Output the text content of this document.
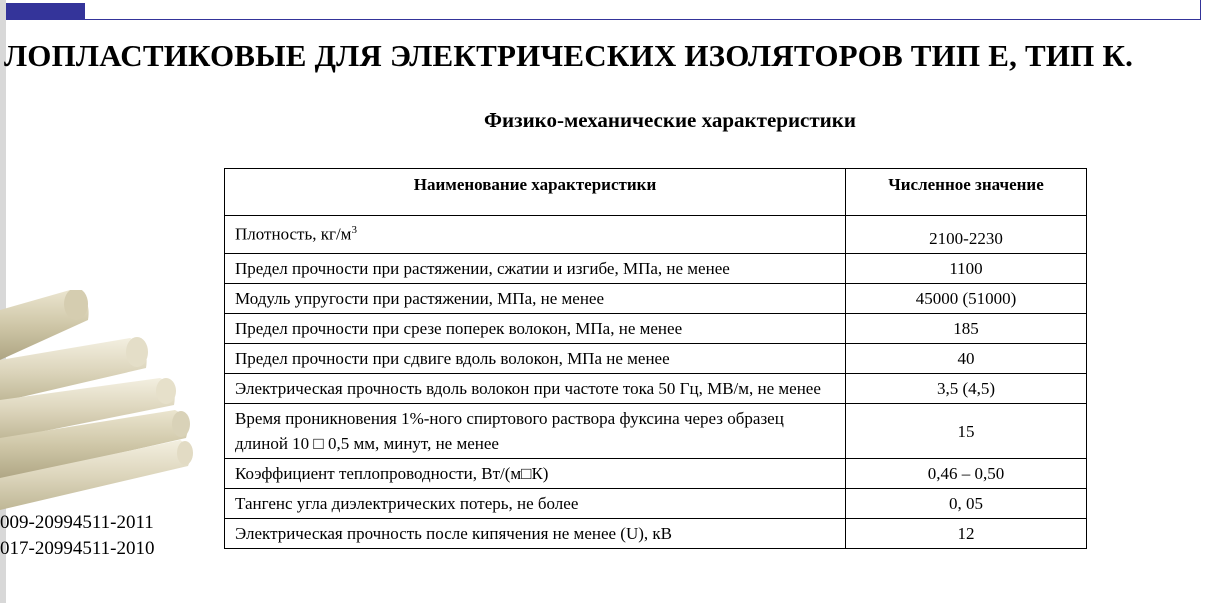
ЛОПЛАСТИКОВЫЕ ДЛЯ ЭЛЕКТРИЧЕСКИХ ИЗОЛЯТОРОВ ТИП Е, ТИП К.
Физико-механические характеристики
009-20994511-2011
017-20994511-2010
Наименование характеристики	Численное значение
Плотность, $кг/м^3$	2100-2230
Предел прочности при растяжении, сжатии и изгибе, МПа, не менее	1100
Модуль упругости при растяжении, МПа, не менее	45000 (51000)
Предел прочности при срезе поперек волокон, МПа, не менее	185
Предел прочности при сдвиге вдоль волокон, МПа не менее	40
Электрическая прочность вдоль волокон при частоте тока 50 Гц, МВ/м, не менее	3,5 (4,5)
Время проникновения 1%-ного спиртового раствора фуксина через образец длиной 10 □ 0,5 мм, минут, не менее	15
Коэффициент теплопроводности, Вт/(м□К)	0,46 – 0,50
Тангенс угла диэлектрических потерь, не более	0, 05
Электрическая прочность после кипячения не менее (U), кВ	12
